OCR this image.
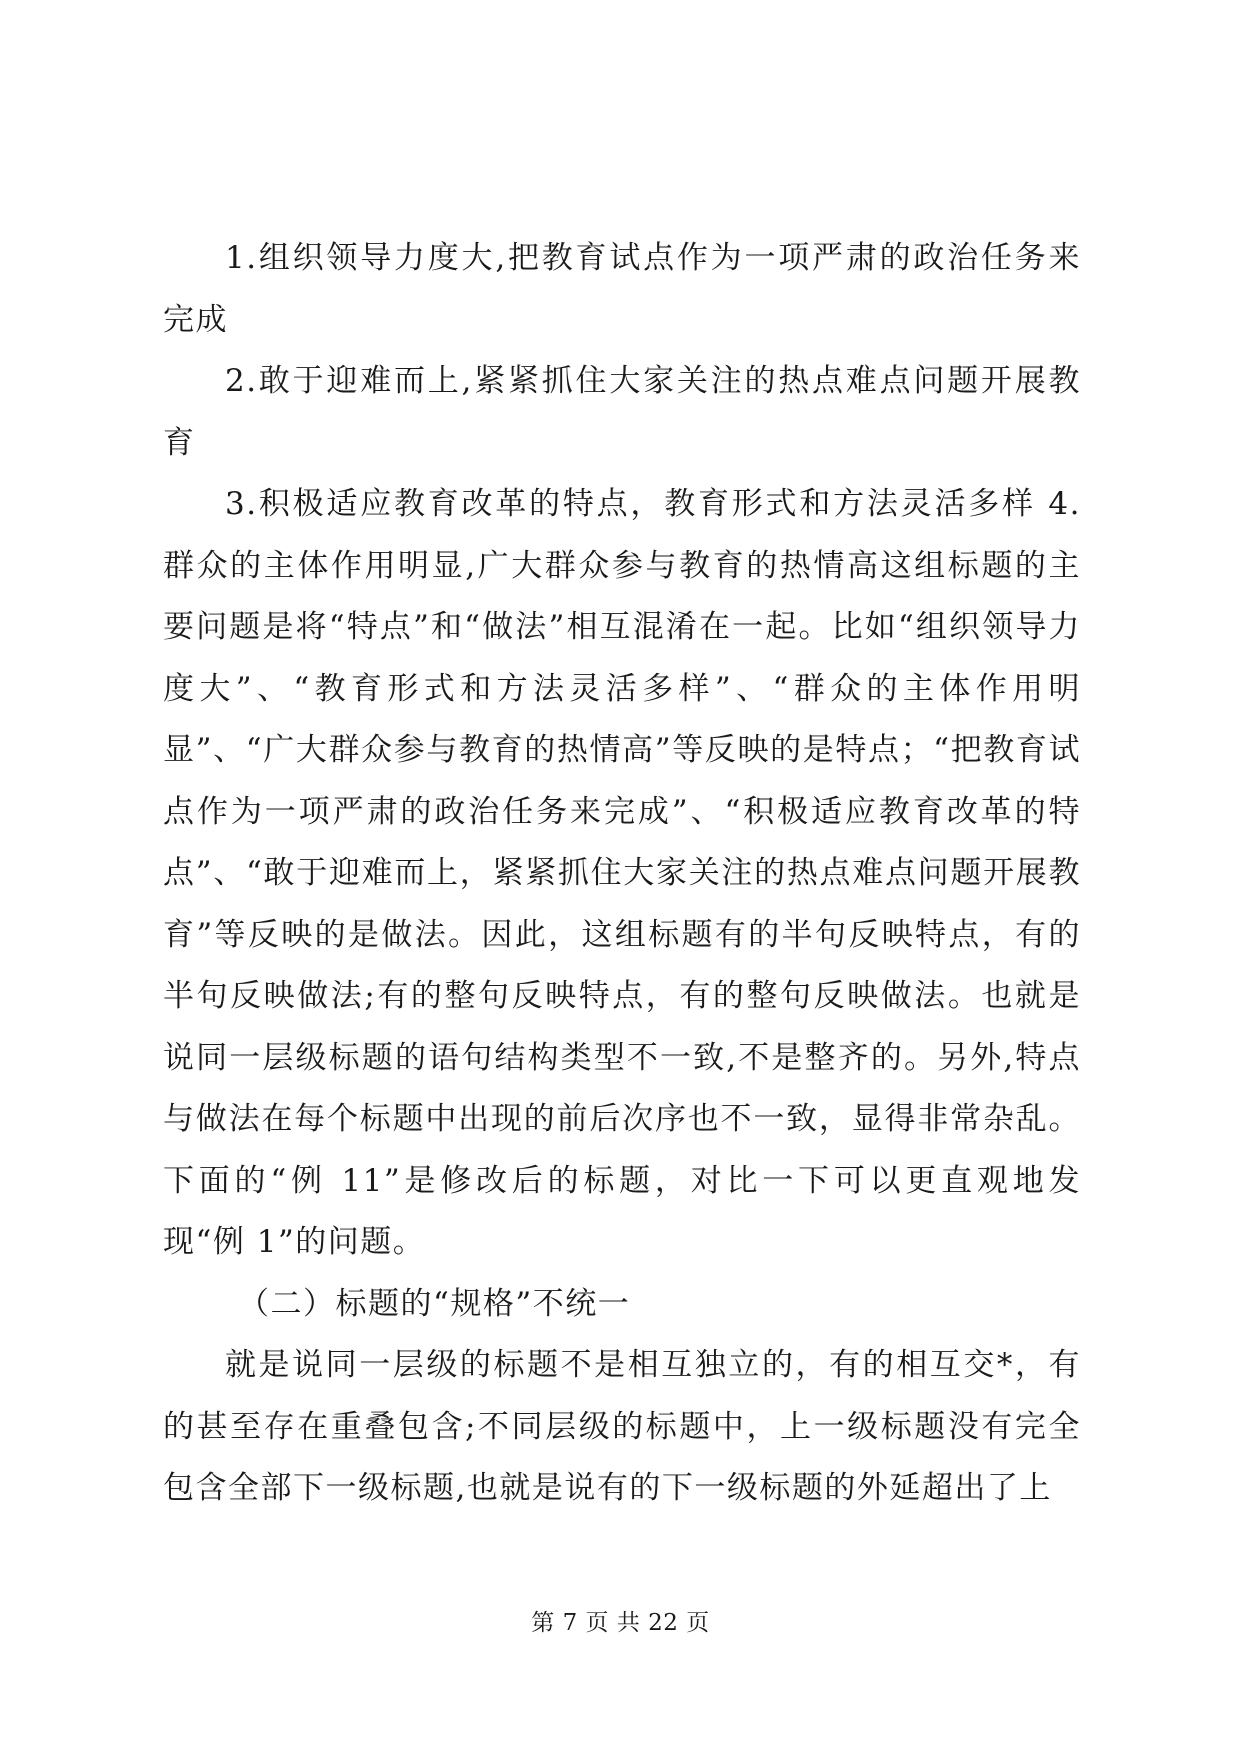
1.组织领导力度大,把教育试点作为一项严肃的政治任务来完成

2.敢于迎难而上,紧紧抓住大家关注的热点难点问题开展教育

3.积极适应教育改革的特点，教育形式和方法灵活多样 4.群众的主体作用明显,广大群众参与教育的热情高这组标题的主要问题是将“特点”和“做法”相互混淆在一起。比如“组织领导力度大”、“教育形式和方法灵活多样”、“群众的主体作用明显”、“广大群众参与教育的热情高”等反映的是特点；“把教育试点作为一项严肃的政治任务来完成”、“积极适应教育改革的特点”、“敢于迎难而上，紧紧抓住大家关注的热点难点问题开展教育”等反映的是做法。因此，这组标题有的半句反映特点，有的半句反映做法;有的整句反映特点，有的整句反映做法。也就是说同一层级标题的语句结构类型不一致,不是整齐的。另外,特点与做法在每个标题中出现的前后次序也不一致，显得非常杂乱。下面的“例 11”是修改后的标题，对比一下可以更直观地发现“例 1”的问题。

（二）标题的“规格”不统一

就是说同一层级的标题不是相互独立的，有的相互交*，有的甚至存在重叠包含;不同层级的标题中，上一级标题没有完全包含全部下一级标题,也就是说有的下一级标题的外延超出了上

第 7 页 共 22 页
